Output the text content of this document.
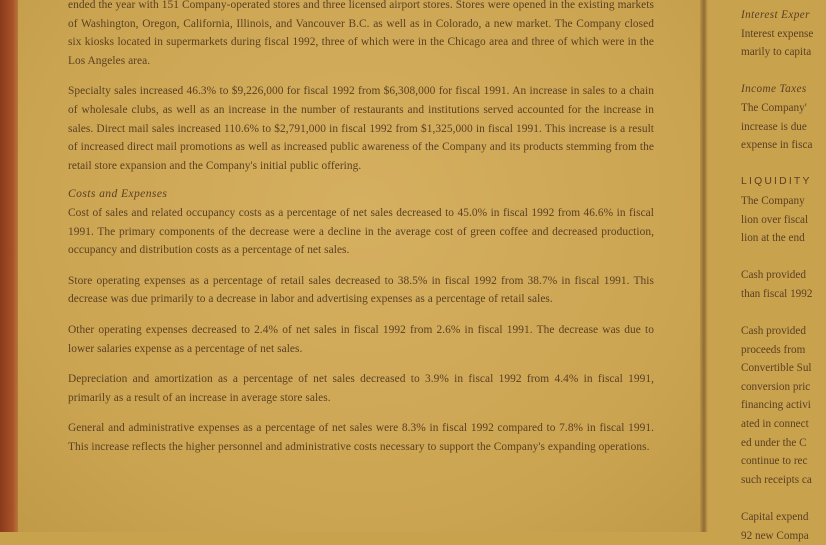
ended the year with 151 Company-operated stores and three licensed airport stores. Stores were opened in the existing markets of Washington, Oregon, California, Illinois, and Vancouver B.C. as well as in Colorado, a new market. The Company closed six kiosks located in supermarkets during fiscal 1992, three of which were in the Chicago area and three of which were in the Los Angeles area.

Specialty sales increased 46.3% to $9,226,000 for fiscal 1992 from $6,308,000 for fiscal 1991. An increase in sales to a chain of wholesale clubs, as well as an increase in the number of restaurants and institutions served accounted for the increase in sales. Direct mail sales increased 110.6% to $2,791,000 in fiscal 1992 from $1,325,000 in fiscal 1991. This increase is a result of increased direct mail promotions as well as increased public awareness of the Company and its products stemming from the retail store expansion and the Company's initial public offering.

Costs and Expenses

Cost of sales and related occupancy costs as a percentage of net sales decreased to 45.0% in fiscal 1992 from 46.6% in fiscal 1991. The primary components of the decrease were a decline in the average cost of green coffee and decreased production, occupancy and distribution costs as a percentage of net sales.

Store operating expenses as a percentage of retail sales decreased to 38.5% in fiscal 1992 from 38.7% in fiscal 1991. This decrease was due primarily to a decrease in labor and advertising expenses as a percentage of retail sales.

Other operating expenses decreased to 2.4% of net sales in fiscal 1992 from 2.6% in fiscal 1991. The decrease was due to lower salaries expense as a percentage of net sales.

Depreciation and amortization as a percentage of net sales decreased to 3.9% in fiscal 1992 from 4.4% in fiscal 1991, primarily as a result of an increase in average store sales.

General and administrative expenses as a percentage of net sales were 8.3% in fiscal 1992 compared to 7.8% in fiscal 1991. This increase reflects the higher personnel and administrative costs necessary to support the Company's expanding operations.

Interest Exper
Interest expense
marily to capita

Income Taxes
The Company'
increase is due
expense in fisca

LIQUIDITY
The Company
lion over fiscal
lion at the end

Cash provided
than fiscal 1992

Cash provided
proceeds from
Convertible Sul
conversion pric
financing activi
ated in connect
ed under the C
continue to rec
such receipts ca

Capital expend
92 new Compa
